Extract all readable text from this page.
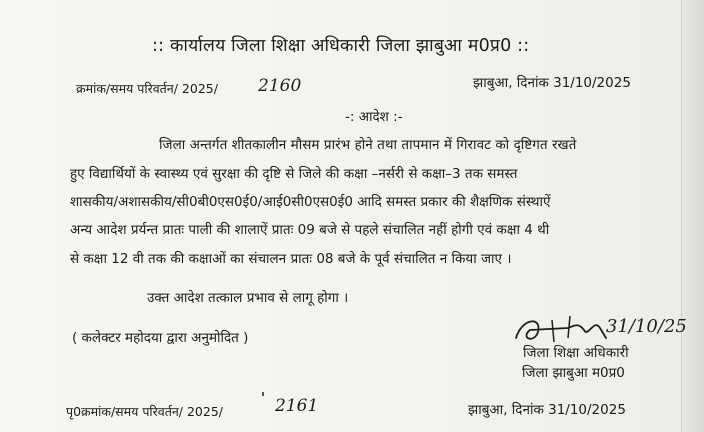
:: कार्यालय जिला शिक्षा अधिकारी जिला झाबुआ म0प्र0 ::
क्रमांक/समय परिवर्तन/ 2025/ 2160	झाबुआ, दिनांक 31/10/2025
-: आदेश :-
जिला अन्तर्गत शीतकालीन मौसम प्रारंभ होने तथा तापमान में गिरावट को दृष्टिगत रखते
हुए विद्यार्थियों के स्वास्थ्य एवं सुरक्षा की दृष्टि से जिले की कक्षा –नर्सरी से कक्षा–3 तक समस्त
शासकीय/अशासकीय/सी0बी0एस0ई0/आई0सी0एस0ई0 आदि समस्त प्रकार की शैक्षणिक संस्थाऐं
अन्य आदेश प्रर्यन्त प्रातः पाली की शालाऐं प्रातः 09 बजे से पहले संचालित नहीं होगी एवं कक्षा 4 थी
से कक्षा 12 वी तक की कक्षाओं का संचालन प्रातः 08 बजे के पूर्व संचालित न किया जाए ।
उक्त आदेश तत्काल प्रभाव से लागू होगा ।
( कलेक्टर महोदया द्वारा अनुमोदित )
31/10/25
जिला शिक्षा अधिकारी
जिला झाबुआ म0प्र0
पृ0क्रमांक/समय परिवर्तन/ 2025/	2161	झाबुआ, दिनांक 31/10/2025
